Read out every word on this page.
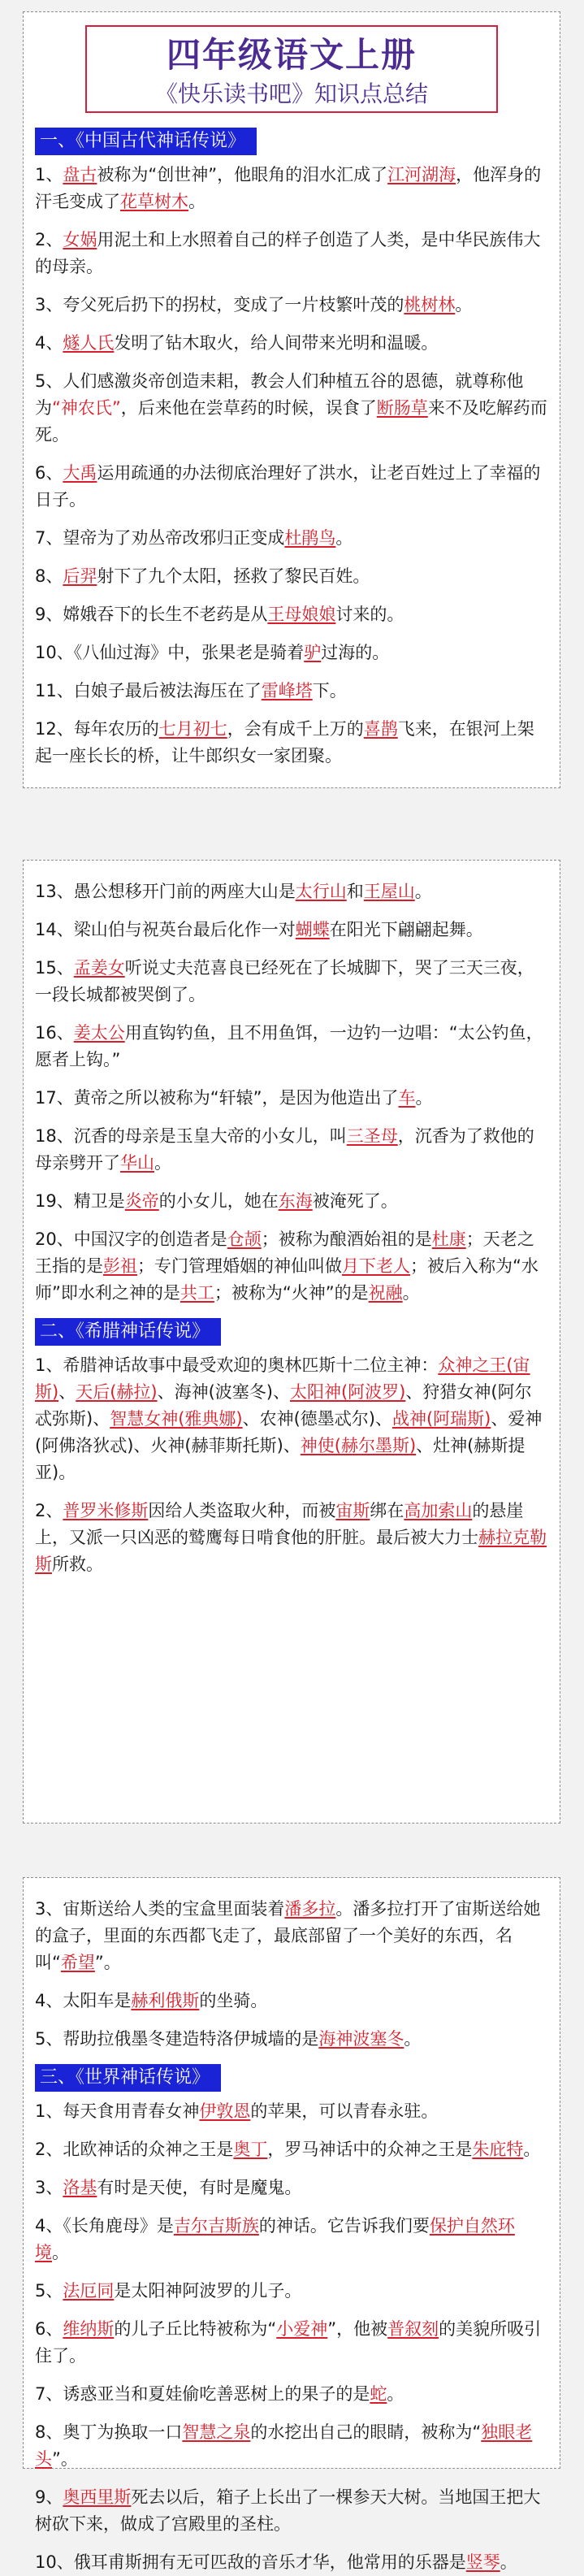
四年级语文上册
《快乐读书吧》知识点总结
一、《中国古代神话传说》
1、盘古被称为“创世神”，他眼角的泪水汇成了江河湖海，他浑身的汗毛变成了花草树木。
2、女娲用泥土和上水照着自己的样子创造了人类，是中华民族伟大的母亲。
3、夸父死后扔下的拐杖，变成了一片枝繁叶茂的桃树林。
4、燧人氏发明了钻木取火，给人间带来光明和温暖。
5、人们感激炎帝创造耒耜，教会人们种植五谷的恩德，就尊称他为“神农氏”，后来他在尝草药的时候，误食了断肠草来不及吃解药而死。
6、大禹运用疏通的办法彻底治理好了洪水，让老百姓过上了幸福的日子。
7、望帝为了劝丛帝改邪归正变成杜鹃鸟。
8、后羿射下了九个太阳，拯救了黎民百姓。
9、嫦娥吞下的长生不老药是从王母娘娘讨来的。
10、《八仙过海》中，张果老是骑着驴过海的。
11、白娘子最后被法海压在了雷峰塔下。
12、每年农历的七月初七，会有成千上万的喜鹊飞来，在银河上架起一座长长的桥，让牛郎织女一家团聚。
13、愚公想移开门前的两座大山是太行山和王屋山。
14、梁山伯与祝英台最后化作一对蝴蝶在阳光下翩翩起舞。
15、孟姜女听说丈夫范喜良已经死在了长城脚下，哭了三天三夜，一段长城都被哭倒了。
16、姜太公用直钩钓鱼，且不用鱼饵，一边钓一边唱：“太公钓鱼，愿者上钩。”
17、黄帝之所以被称为“轩辕”，是因为他造出了车。
18、沉香的母亲是玉皇大帝的小女儿，叫三圣母，沉香为了救他的母亲劈开了华山。
19、精卫是炎帝的小女儿，她在东海被淹死了。
20、中国汉字的创造者是仓颉；被称为酿酒始祖的是杜康；天老之王指的是彭祖；专门管理婚姻的神仙叫做月下老人；被后入称为“水师”即水利之神的是共工；被称为“火神”的是祝融。
二、《希腊神话传说》
1、希腊神话故事中最受欢迎的奥林匹斯十二位主神：众神之王(宙斯)、天后(赫拉)、海神(波塞冬)、太阳神(阿波罗)、狩猎女神(阿尔忒弥斯)、智慧女神(雅典娜)、农神(德墨忒尔)、战神(阿瑞斯)、爱神(阿佛洛狄忒)、火神(赫菲斯托斯)、神使(赫尔墨斯)、灶神(赫斯提亚)。
2、普罗米修斯因给人类盗取火种，而被宙斯绑在高加索山的悬崖上，又派一只凶恶的鹫鹰每日啃食他的肝脏。最后被大力士赫拉克勒斯所救。
3、宙斯送给人类的宝盒里面装着潘多拉。潘多拉打开了宙斯送给她的盒子，里面的东西都飞走了，最底部留了一个美好的东西，名叫“希望”。
4、太阳车是赫利俄斯的坐骑。
5、帮助拉俄墨冬建造特洛伊城墙的是海神波塞冬。
三、《世界神话传说》
1、每天食用青春女神伊敦恩的苹果，可以青春永驻。
2、北欧神话的众神之王是奥丁，罗马神话中的众神之王是朱庇特。
3、洛基有时是天使，有时是魔鬼。
4、《长角鹿母》是吉尔吉斯族的神话。它告诉我们要保护自然环境。
5、法厄同是太阳神阿波罗的儿子。
6、维纳斯的儿子丘比特被称为“小爱神”，他被普叙刻的美貌所吸引住了。
7、诱惑亚当和夏娃偷吃善恶树上的果子的是蛇。
8、奥丁为换取一口智慧之泉的水挖出自己的眼睛，被称为“独眼老头”。
9、奥西里斯死去以后，箱子上长出了一棵参天大树。当地国王把大树砍下来，做成了宫殿里的圣柱。
10、俄耳甫斯拥有无可匹敌的音乐才华，他常用的乐器是竖琴。
